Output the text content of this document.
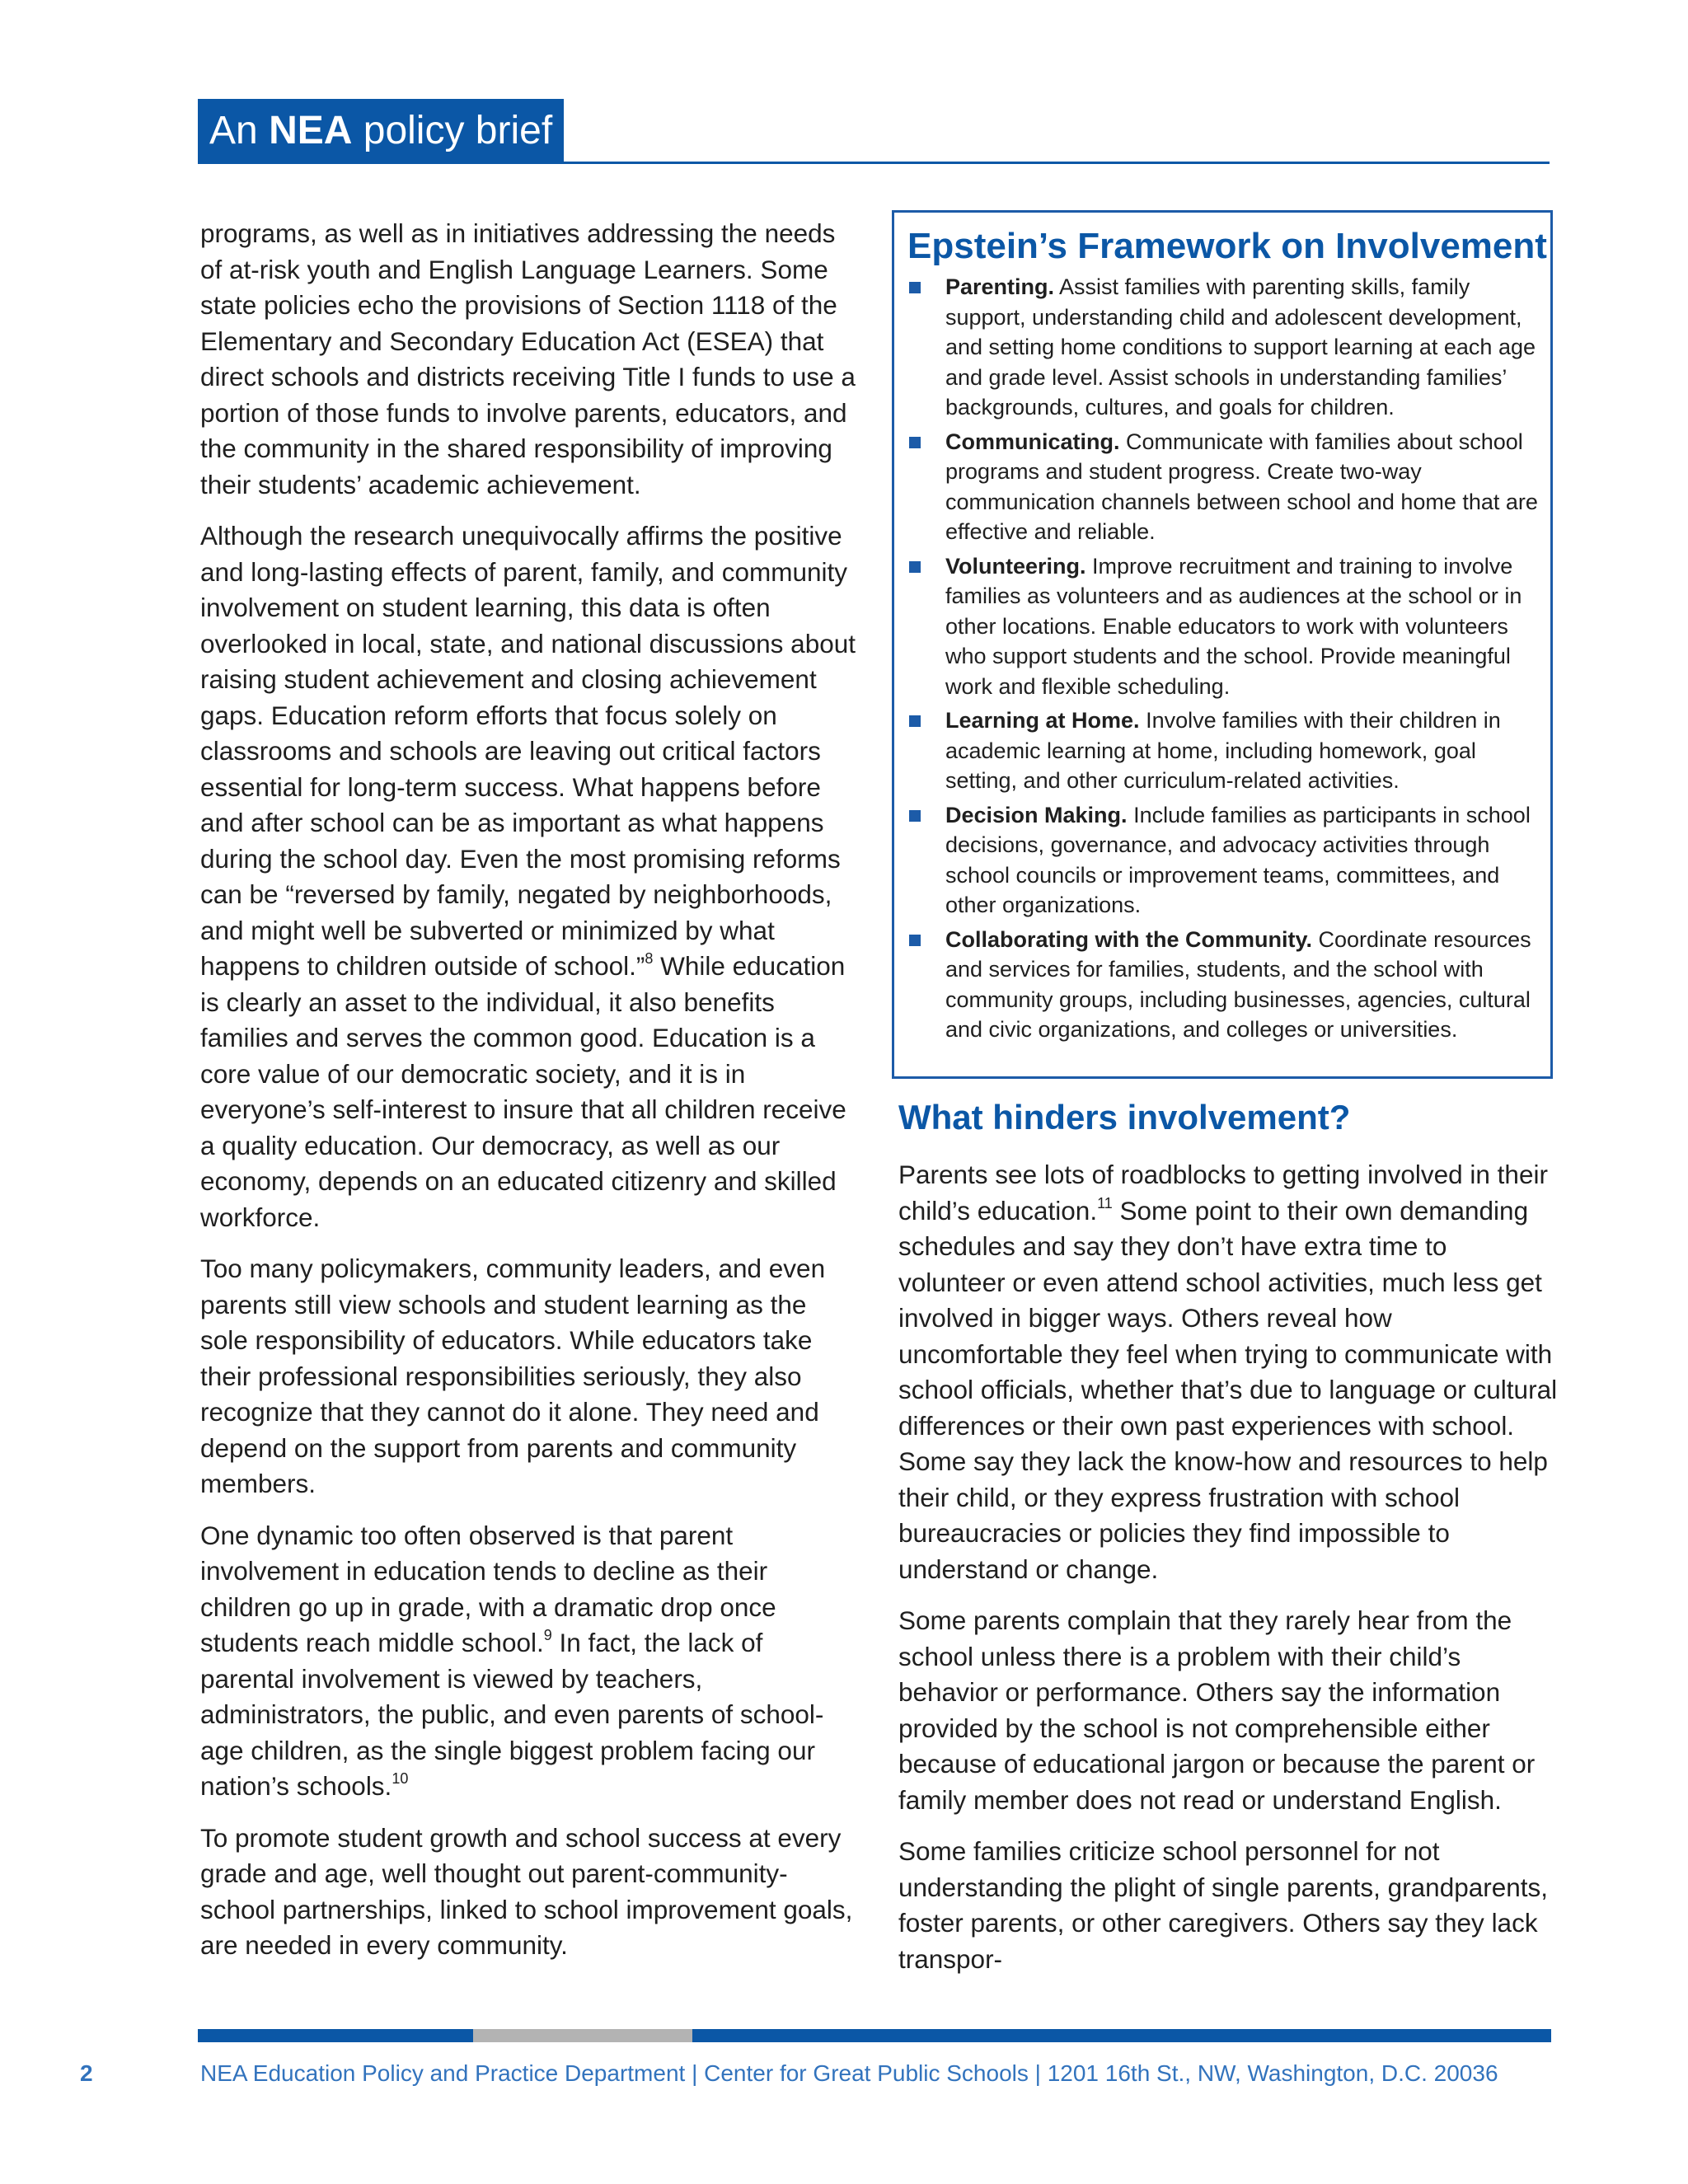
An NEA policy brief

programs, as well as in initiatives addressing the needs of at-risk youth and English Language Learners. Some state policies echo the provisions of Section 1118 of the Elementary and Secondary Education Act (ESEA) that direct schools and districts receiving Title I funds to use a portion of those funds to involve parents, educators, and the community in the shared responsibility of improving their students’ academic achievement.

Although the research unequivocally affirms the positive and long-lasting effects of parent, family, and community involvement on student learning, this data is often overlooked in local, state, and national discussions about raising student achievement and closing achievement gaps. Education reform efforts that focus solely on classrooms and schools are leaving out critical factors essential for long-term success. What happens before and after school can be as important as what happens during the school day. Even the most promising reforms can be “reversed by family, negated by neighborhoods, and might well be subverted or minimized by what happens to children outside of school.”$^8$ While education is clearly an asset to the individual, it also benefits families and serves the common good. Education is a core value of our democratic society, and it is in everyone’s self-interest to insure that all children receive a quality education. Our democracy, as well as our economy, depends on an educated citizenry and skilled workforce.

Too many policymakers, community leaders, and even parents still view schools and student learning as the sole responsibility of educators. While educators take their professional responsibilities seriously, they also recognize that they cannot do it alone. They need and depend on the support from parents and community members.

One dynamic too often observed is that parent involvement in education tends to decline as their children go up in grade, with a dramatic drop once students reach middle school.$^9$ In fact, the lack of parental involvement is viewed by teachers, administrators, the public, and even parents of school-age children, as the single biggest problem facing our nation’s schools.$^{10}$

To promote student growth and school success at every grade and age, well thought out parent-community-school partnerships, linked to school improvement goals, are needed in every community.

Epstein’s Framework on Involvement
Parenting. Assist families with parenting skills, family support, understanding child and adolescent development, and setting home conditions to support learning at each age and grade level. Assist schools in understanding families’ backgrounds, cultures, and goals for children.
Communicating. Communicate with families about school programs and student progress. Create two-way communication channels between school and home that are effective and reliable.
Volunteering. Improve recruitment and training to involve families as volunteers and as audiences at the school or in other locations. Enable educators to work with volunteers who support students and the school. Provide meaningful work and flexible scheduling.
Learning at Home. Involve families with their children in academic learning at home, including homework, goal setting, and other curriculum-related activities.
Decision Making. Include families as participants in school decisions, governance, and advocacy activities through school councils or improvement teams, committees, and other organizations.
Collaborating with the Community. Coordinate resources and services for families, students, and the school with community groups, including businesses, agencies, cultural and civic organizations, and colleges or universities.
What hinders involvement?

Parents see lots of roadblocks to getting involved in their child’s education.$^{11}$ Some point to their own demanding schedules and say they don’t have extra time to volunteer or even attend school activities, much less get involved in bigger ways. Others reveal how uncomfortable they feel when trying to communicate with school officials, whether that’s due to language or cultural differences or their own past experiences with school. Some say they lack the know-how and resources to help their child, or they express frustration with school bureaucracies or policies they find impossible to understand or change.

Some parents complain that they rarely hear from the school unless there is a problem with their child’s behavior or performance. Others say the information provided by the school is not comprehensible either because of educational jargon or because the parent or family member does not read or understand English.

Some families criticize school personnel for not understanding the plight of single parents, grandparents, foster parents, or other caregivers. Others say they lack transpor-

2	NEA Education Policy and Practice Department | Center for Great Public Schools | 1201 16th St., NW, Washington, D.C. 20036
